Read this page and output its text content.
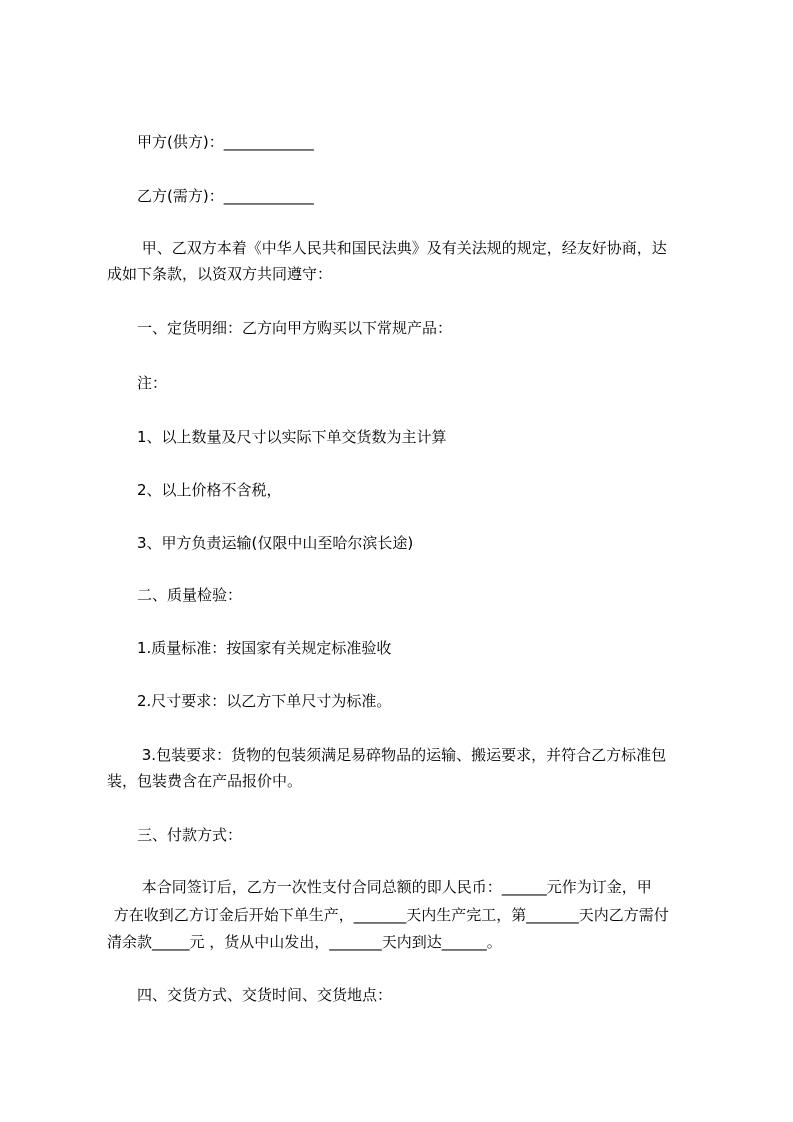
甲方(供方)：____________
乙方(需方)：____________
甲、乙双方本着《中华人民共和国民法典》及有关法规的规定，经友好协商，达
成如下条款，以资双方共同遵守：
一、定货明细：乙方向甲方购买以下常规产品：
注：
1、以上数量及尺寸以实际下单交货数为主计算
2、以上价格不含税，
3、甲方负责运输(仅限中山至哈尔滨长途)
二、质量检验：
1.质量标准：按国家有关规定标准验收
2.尺寸要求：以乙方下单尺寸为标准。
3.包装要求：货物的包装须满足易碎物品的运输、搬运要求，并符合乙方标准包
装，包装费含在产品报价中。
三、付款方式：
本合同签订后，乙方一次性支付合同总额的即人民币：______元作为订金，甲
方在收到乙方订金后开始下单生产，_______天内生产完工，第_______天内乙方需付
清余款_____元 ，货从中山发出，_______天内到达______。
四、交货方式、交货时间、交货地点：
